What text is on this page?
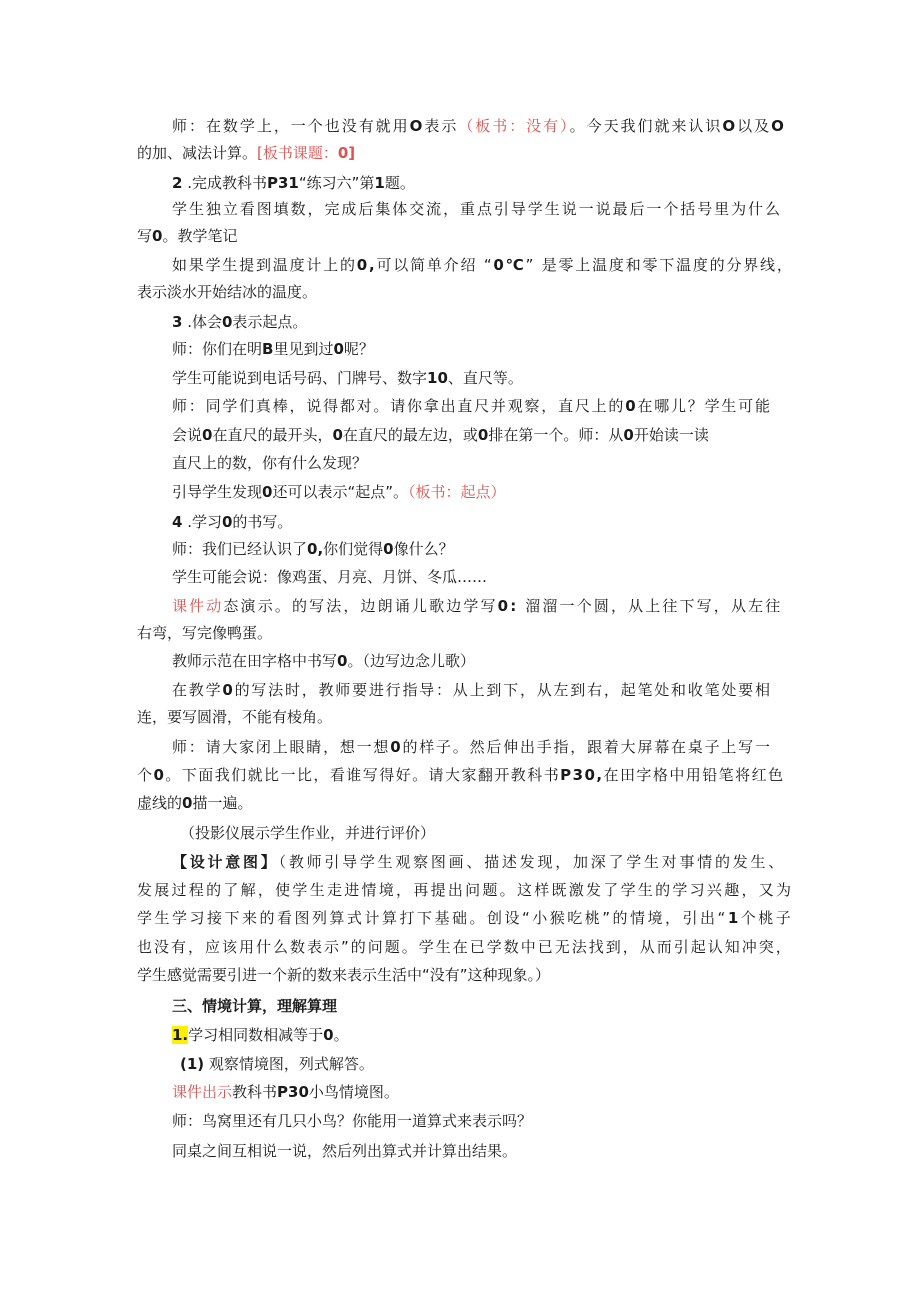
师：在数学上，一个也没有就用O表示（板书：没有）。今天我们就来认识O以及O
的加、减法计算。[板书课题：0]
2 .完成教科书P31“练习六”第1题。
学生独立看图填数，完成后集体交流，重点引导学生说一说最后一个括号里为什么
写0。教学笔记
如果学生提到温度计上的0,可以简单介绍 “0℃” 是零上温度和零下温度的分界线，
表示淡水开始结冰的温度。
3 .体会0表示起点。
师：你们在明B里见到过0呢？
学生可能说到电话号码、门牌号、数字10、直尺等。
师：同学们真棒，说得都对。请你拿出直尺并观察，直尺上的0在哪儿？学生可能
会说0在直尺的最开头，0在直尺的最左边，或0排在第一个。师：从0开始读一读
直尺上的数，你有什么发现？
引导学生发现0还可以表示“起点”。（板书：起点）
4 .学习0的书写。
师：我们已经认识了0,你们觉得0像什么？
学生可能会说：像鸡蛋、月亮、月饼、冬瓜……
课件动态演示。的写法，边朗诵儿歌边学写0: 溜溜一个圆，从上往下写，从左往
右弯，写完像鸭蛋。
教师示范在田字格中书写0。（边写边念儿歌）
在教学0的写法时，教师要进行指导：从上到下，从左到右，起笔处和收笔处要相
连，要写圆滑，不能有棱角。
师：请大家闭上眼睛，想一想0的样子。然后伸出手指，跟着大屏幕在桌子上写一
个0。下面我们就比一比，看谁写得好。请大家翻开教科书P30,在田字格中用铅笔将红色
虚线的0描一遍。
（投影仪展示学生作业，并进行评价）
【设计意图】（教师引导学生观察图画、描述发现，加深了学生对事情的发生、
发展过程的了解，使学生走进情境，再提出问题。这样既激发了学生的学习兴趣，又为
学生学习接下来的看图列算式计算打下基础。创设“小猴吃桃”的情境，引出“1个桃子
也没有，应该用什么数表示”的问题。学生在已学数中已无法找到，从而引起认知冲突，
学生感觉需要引进一个新的数来表示生活中“没有”这种现象。）
三、情境计算，理解算理
1.学习相同数相减等于0。
(1) 观察情境图，列式解答。
课件出示教科书P30小鸟情境图。
师：鸟窝里还有几只小鸟？你能用一道算式来表示吗？
同桌之间互相说一说，然后列出算式并计算出结果。
